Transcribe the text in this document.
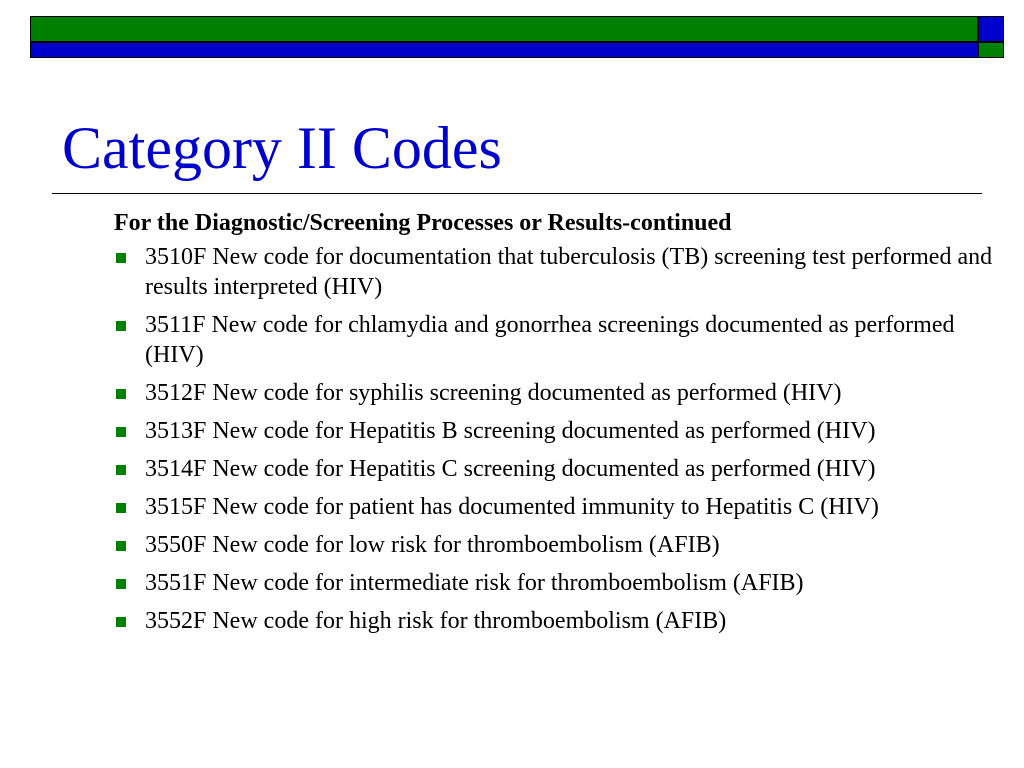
Category II Codes
For the Diagnostic/Screening Processes or Results-continued
3510F New code for documentation that tuberculosis (TB) screening test performed and results interpreted (HIV)
3511F New code for chlamydia and gonorrhea screenings documented as performed (HIV)
3512F New code for syphilis screening documented as performed (HIV)
3513F New code for Hepatitis B screening documented as performed (HIV)
3514F New code for Hepatitis C screening documented as performed (HIV)
3515F New code for patient has documented immunity to Hepatitis C (HIV)
3550F New code for low risk for thromboembolism (AFIB)
3551F New code for intermediate risk for thromboembolism (AFIB)
3552F New code for high risk for thromboembolism (AFIB)
